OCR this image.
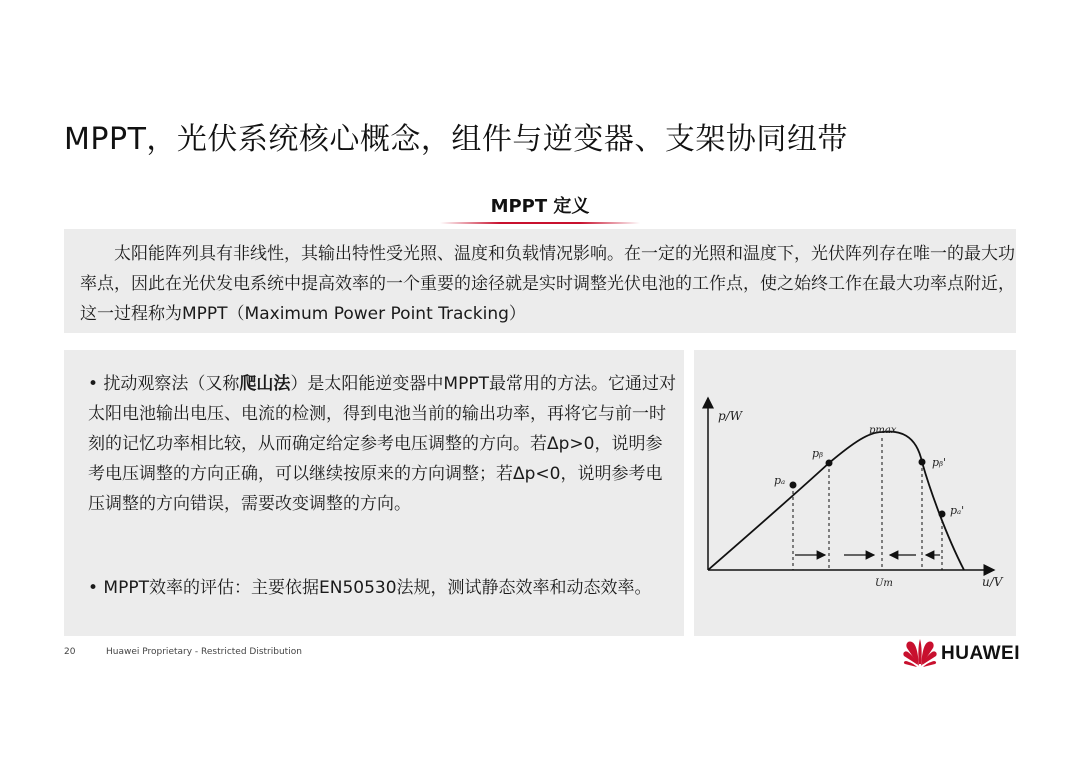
MPPT，光伏系统核心概念，组件与逆变器、支架协同纽带
MPPT 定义
太阳能阵列具有非线性，其输出特性受光照、温度和负载情况影响。在一定的光照和温度下，光伏阵列存在唯一的最大功率点，因此在光伏发电系统中提高效率的一个重要的途径就是实时调整光伏电池的工作点，使之始终工作在最大功率点附近，这一过程称为MPPT（Maximum Power Point Tracking）
• 扰动观察法（又称爬山法）是太阳能逆变器中MPPT最常用的方法。它通过对太阳电池输出电压、电流的检测，得到电池当前的输出功率，再将它与前一时刻的记忆功率相比较，从而确定给定参考电压调整的方向。若Δp>0，说明参考电压调整的方向正确，可以继续按原来的方向调整；若Δp<0，说明参考电压调整的方向错误，需要改变调整的方向。
• MPPT效率的评估：主要依据EN50530法规，测试静态效率和动态效率。
p/W
u/V
pₐ
pᵦ
pmax
pᵦ'
pₐ'
Um
20	Huawei Proprietary - Restricted Distribution	HUAWEI
